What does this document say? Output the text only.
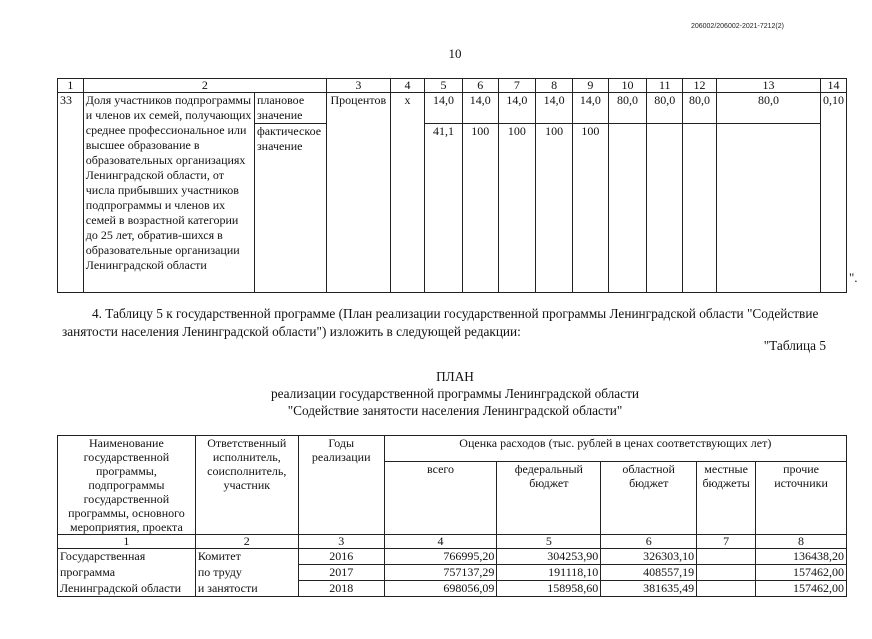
206002/206002-2021-7212(2)
10
1	2		3	4	5	6	7	8	9	10	11	12	13	14
33	Доля участников подпрограммы и членов их семей, получающих среднее профессиональное или высшее образование в образовательных организациях Ленинградской области, от числа прибывших участников подпрограммы и членов их семей в возрастной категории до 25 лет, обратив-шихся в образовательные организации Ленинградской области	плановое значение	Процентов	x	14,0	14,0	14,0	14,0	14,0	80,0	80,0	80,0	80,0	0,10
		фактическое значение			41,1	100	100	100	100					
".
4. Таблицу 5 к государственной программе (План реализации государственной программы Ленинградской области "Содействие занятости населения Ленинградской области") изложить в следующей редакции:
"Таблица 5
ПЛАН
реализации государственной программы Ленинградской области
"Содействие занятости населения Ленинградской области"
Наименование государственной программы, подпрограммы государственной программы, основного мероприятия, проекта	Ответственный исполнитель, соисполнитель, участник	Годы реализации	Оценка расходов (тыс. рублей в ценах соответствующих лет)				
			всего	федеральный бюджет	областной бюджет	местные бюджеты	прочие источники
1	2	3	4	5	6	7	8
Государственная	Комитет	2016	766995,20	304253,90	326303,10		136438,20
программа	по труду	2017	757137,29	191118,10	408557,19		157462,00
Ленинградской области	и занятости	2018	698056,09	158958,60	381635,49		157462,00
